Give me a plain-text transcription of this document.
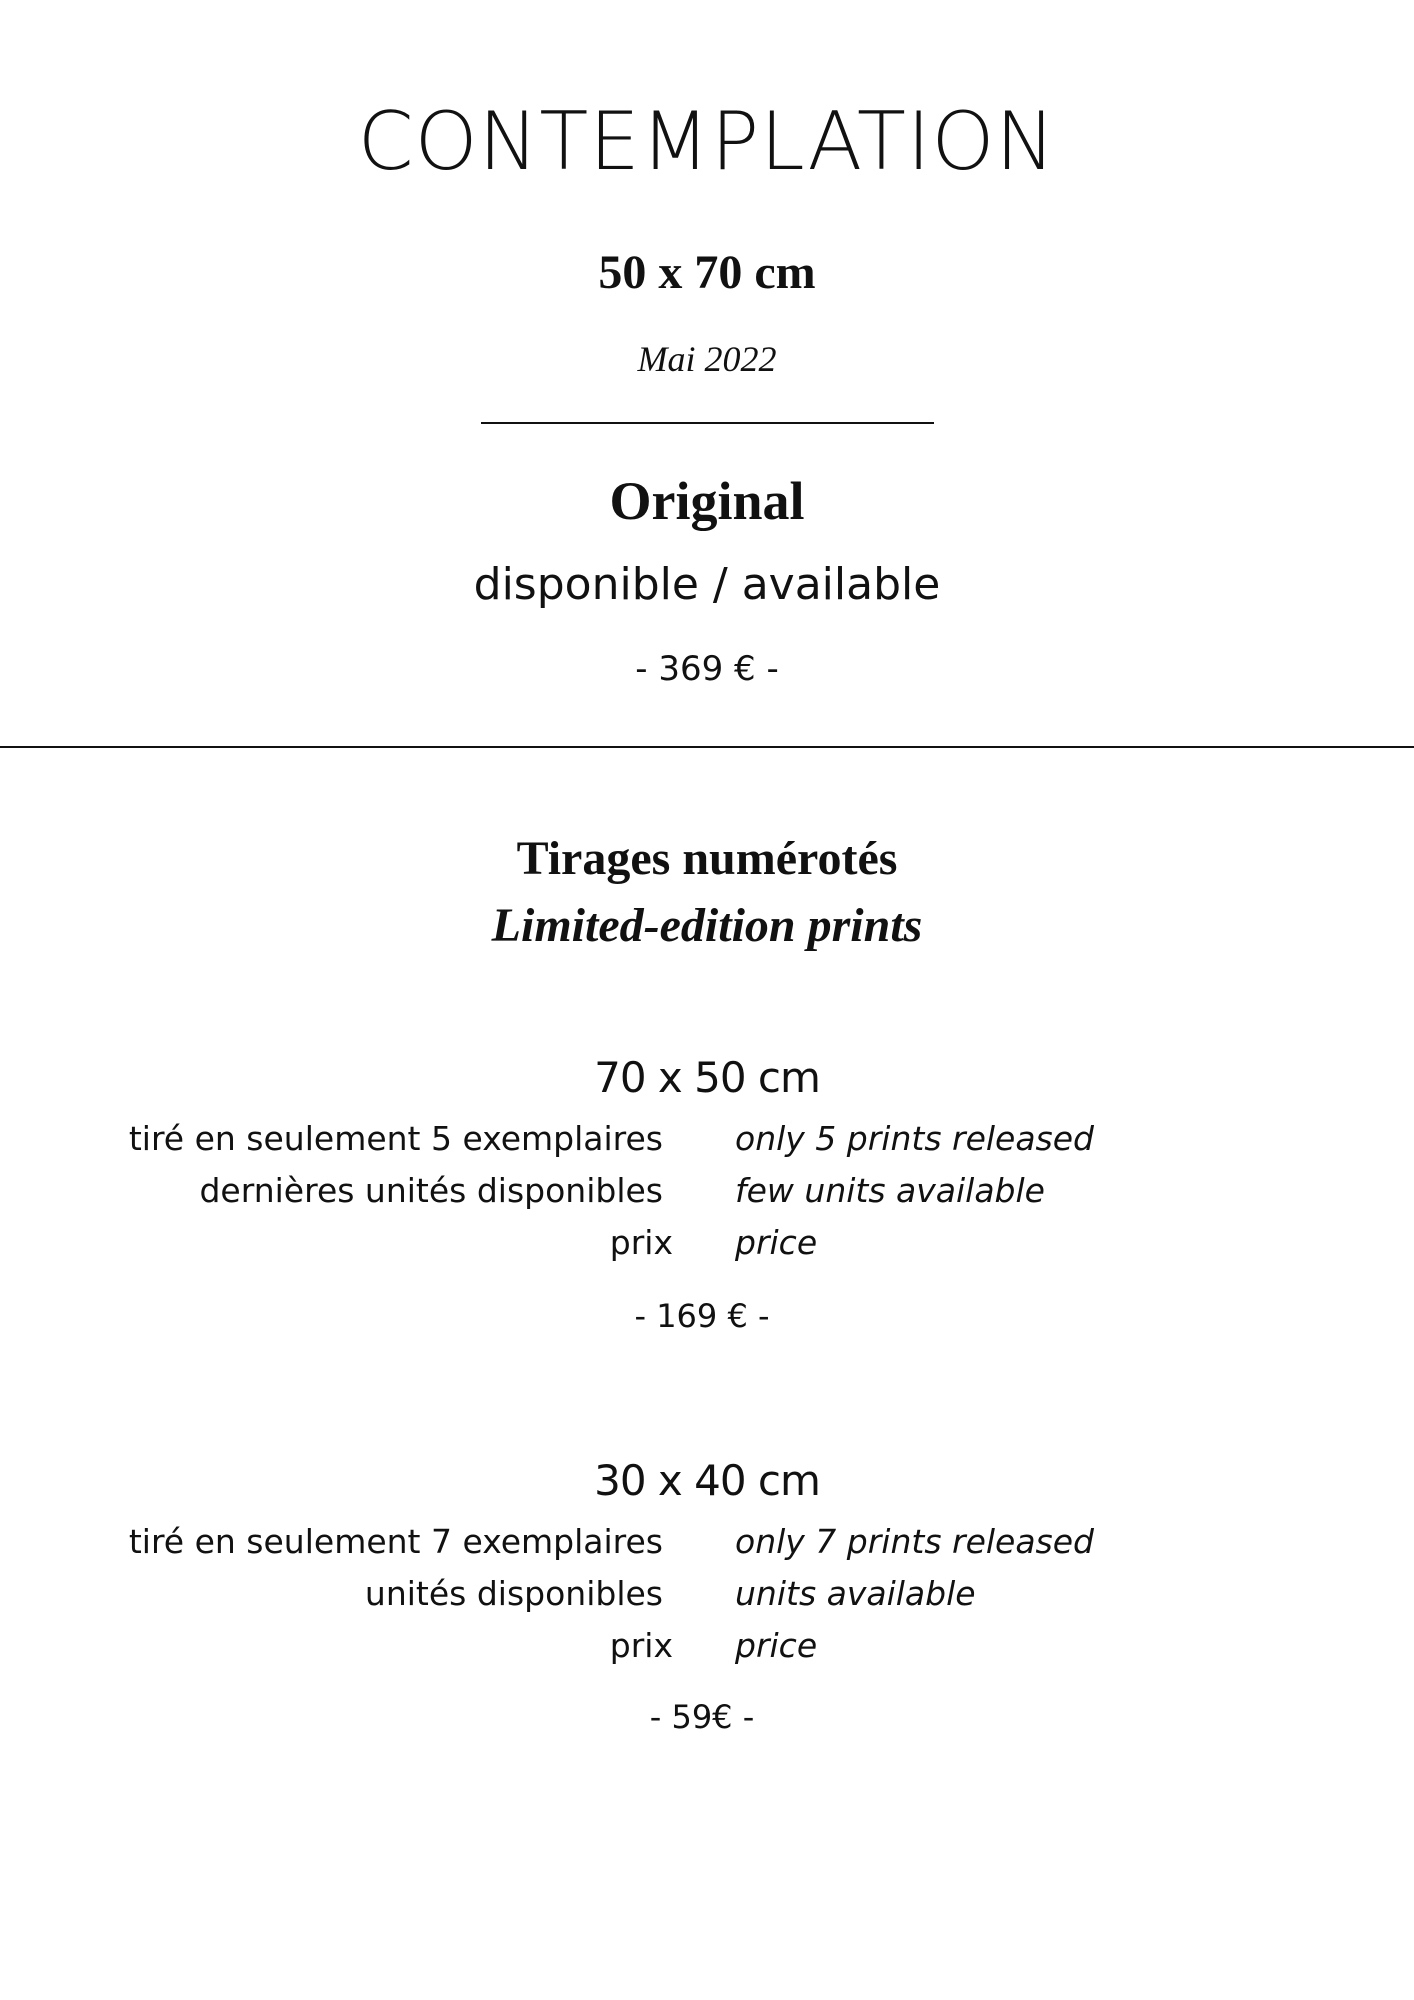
CONTEMPLATION
50 x 70 cm
Mai 2022
Original
disponible / available
- 369 € -
Tirages numérotés
Limited-edition prints
70 x 50 cm
tiré en seulement 5 exemplaires only 5 prints released
dernières unités disponibles few units available
prix price
- 169 € -
30 x 40 cm
tiré en seulement 7 exemplaires only 7 prints released
unités disponibles units available
prix price
- 59€ -
